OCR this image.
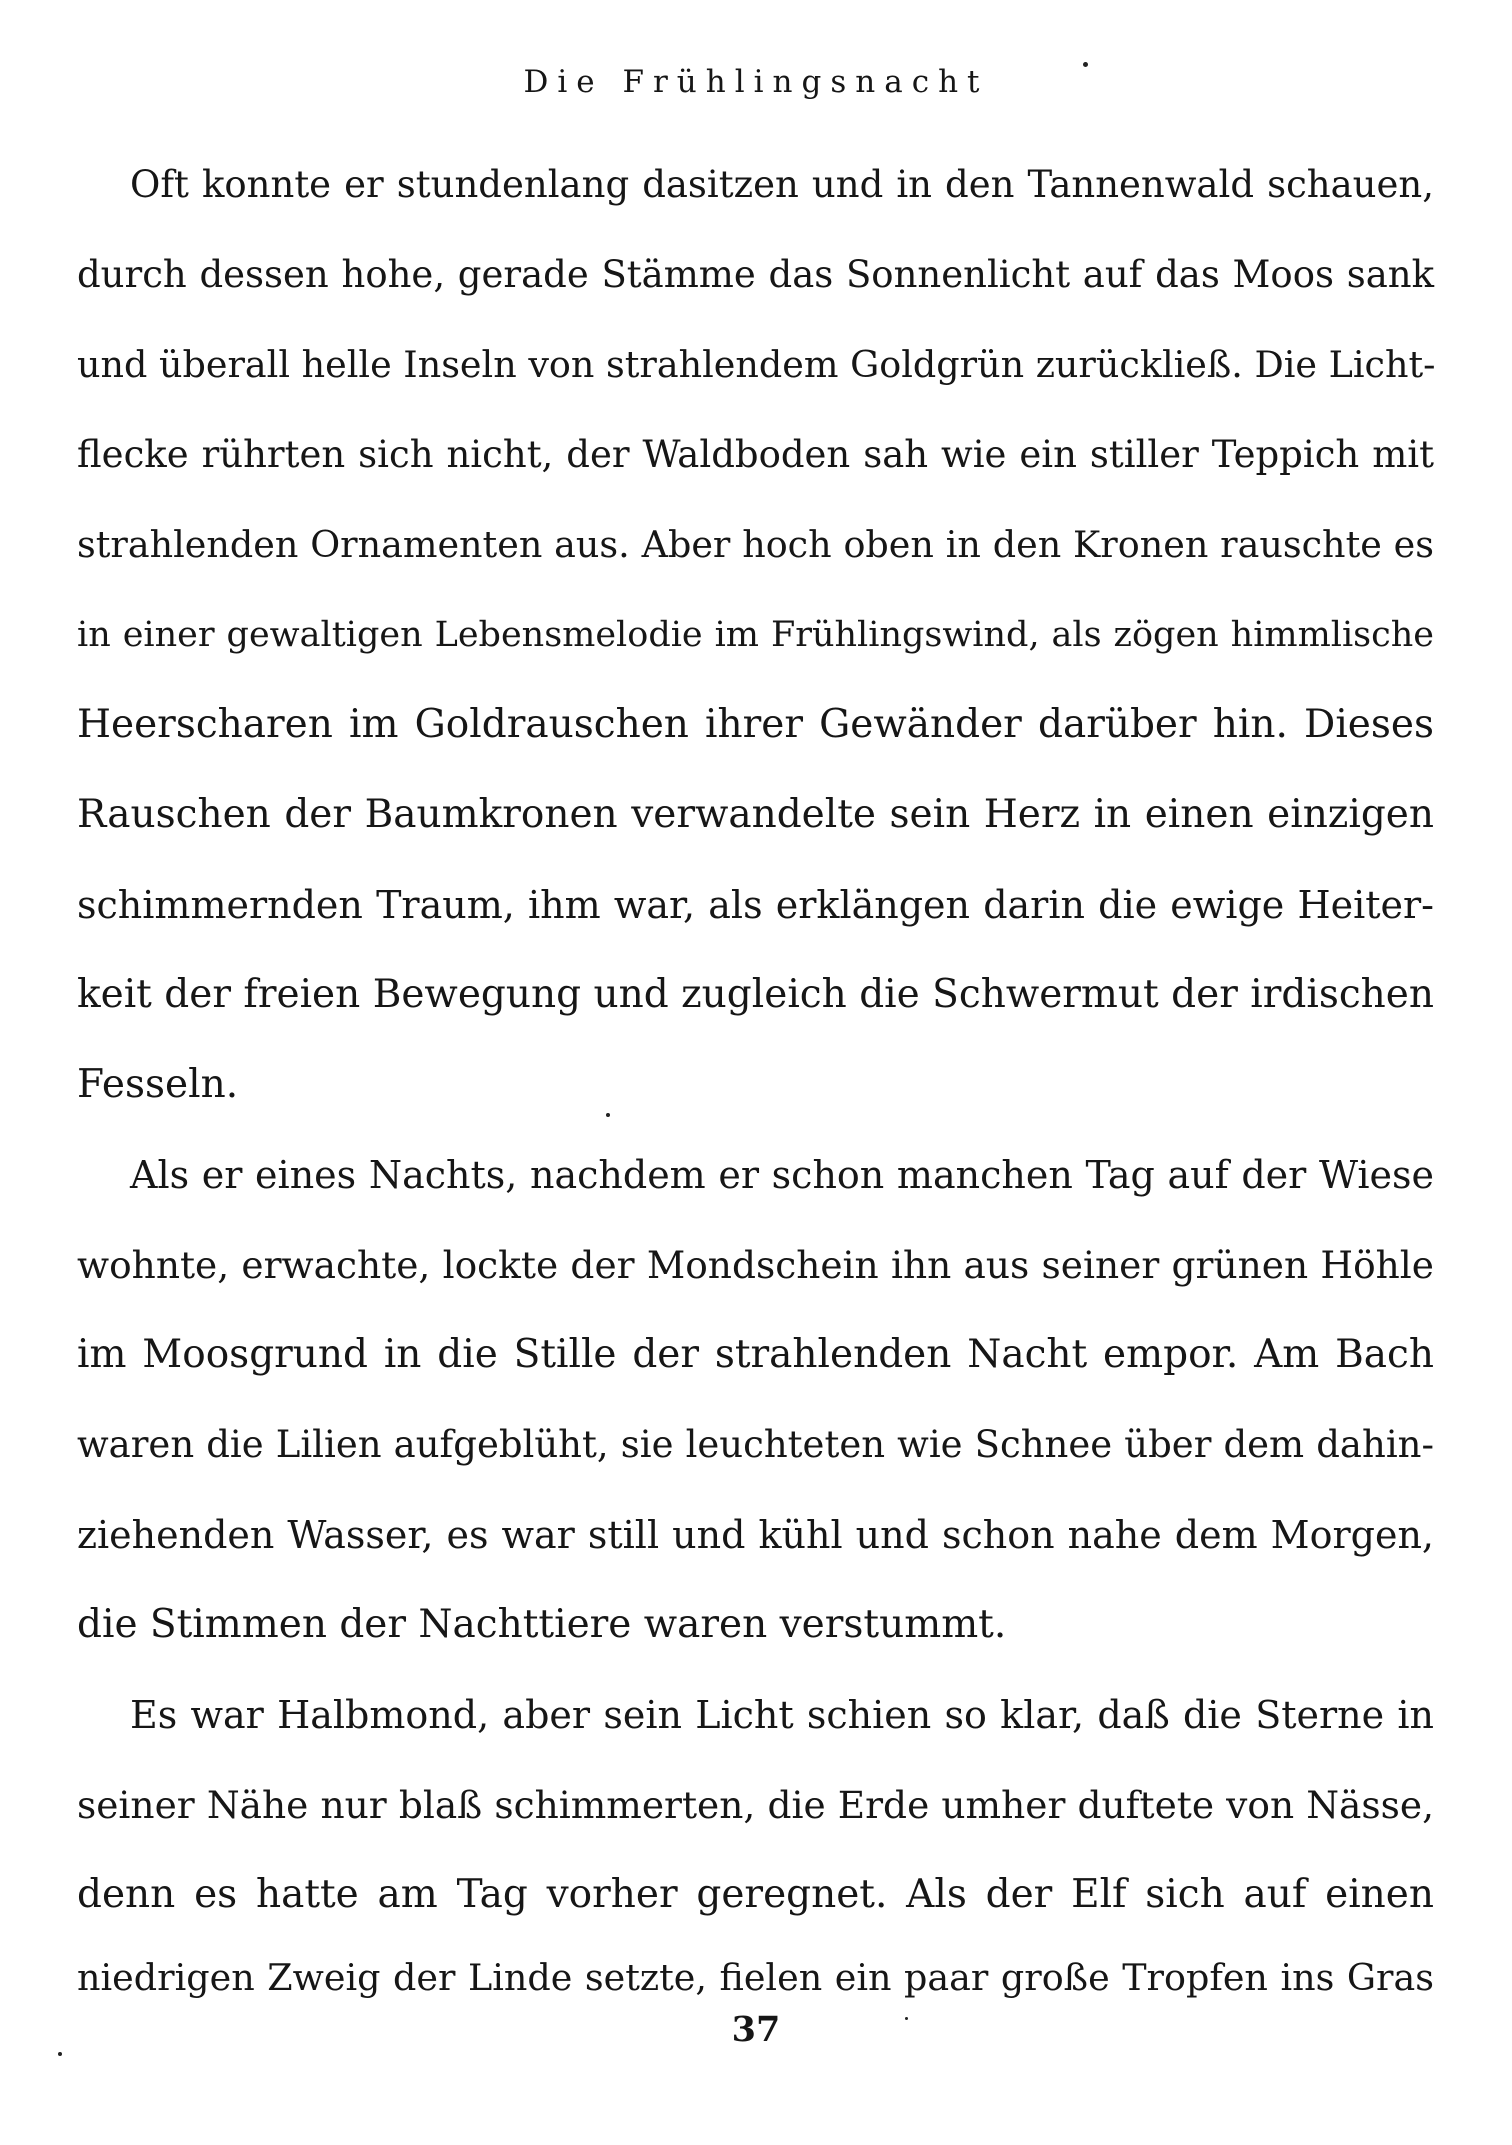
Die Frühlingsnacht
Oft konnte er stundenlang dasitzen und in den Tannenwald schauen,
durch dessen hohe, gerade Stämme das Sonnenlicht auf das Moos sank
und überall helle Inseln von strahlendem Goldgrün zurückließ. Die Licht-
flecke rührten sich nicht, der Waldboden sah wie ein stiller Teppich mit
strahlenden Ornamenten aus. Aber hoch oben in den Kronen rauschte es
in einer gewaltigen Lebensmelodie im Frühlingswind, als zögen himmlische
Heerscharen im Goldrauschen ihrer Gewänder darüber hin. Dieses
Rauschen der Baumkronen verwandelte sein Herz in einen einzigen
schimmernden Traum, ihm war, als erklängen darin die ewige Heiter-
keit der freien Bewegung und zugleich die Schwermut der irdischen
Fesseln.
Als er eines Nachts, nachdem er schon manchen Tag auf der Wiese
wohnte, erwachte, lockte der Mondschein ihn aus seiner grünen Höhle
im Moosgrund in die Stille der strahlenden Nacht empor. Am Bach
waren die Lilien aufgeblüht, sie leuchteten wie Schnee über dem dahin-
ziehenden Wasser, es war still und kühl und schon nahe dem Morgen,
die Stimmen der Nachttiere waren verstummt.
Es war Halbmond, aber sein Licht schien so klar, daß die Sterne in
seiner Nähe nur blaß schimmerten, die Erde umher duftete von Nässe,
denn es hatte am Tag vorher geregnet. Als der Elf sich auf einen
niedrigen Zweig der Linde setzte, fielen ein paar große Tropfen ins Gras
37
